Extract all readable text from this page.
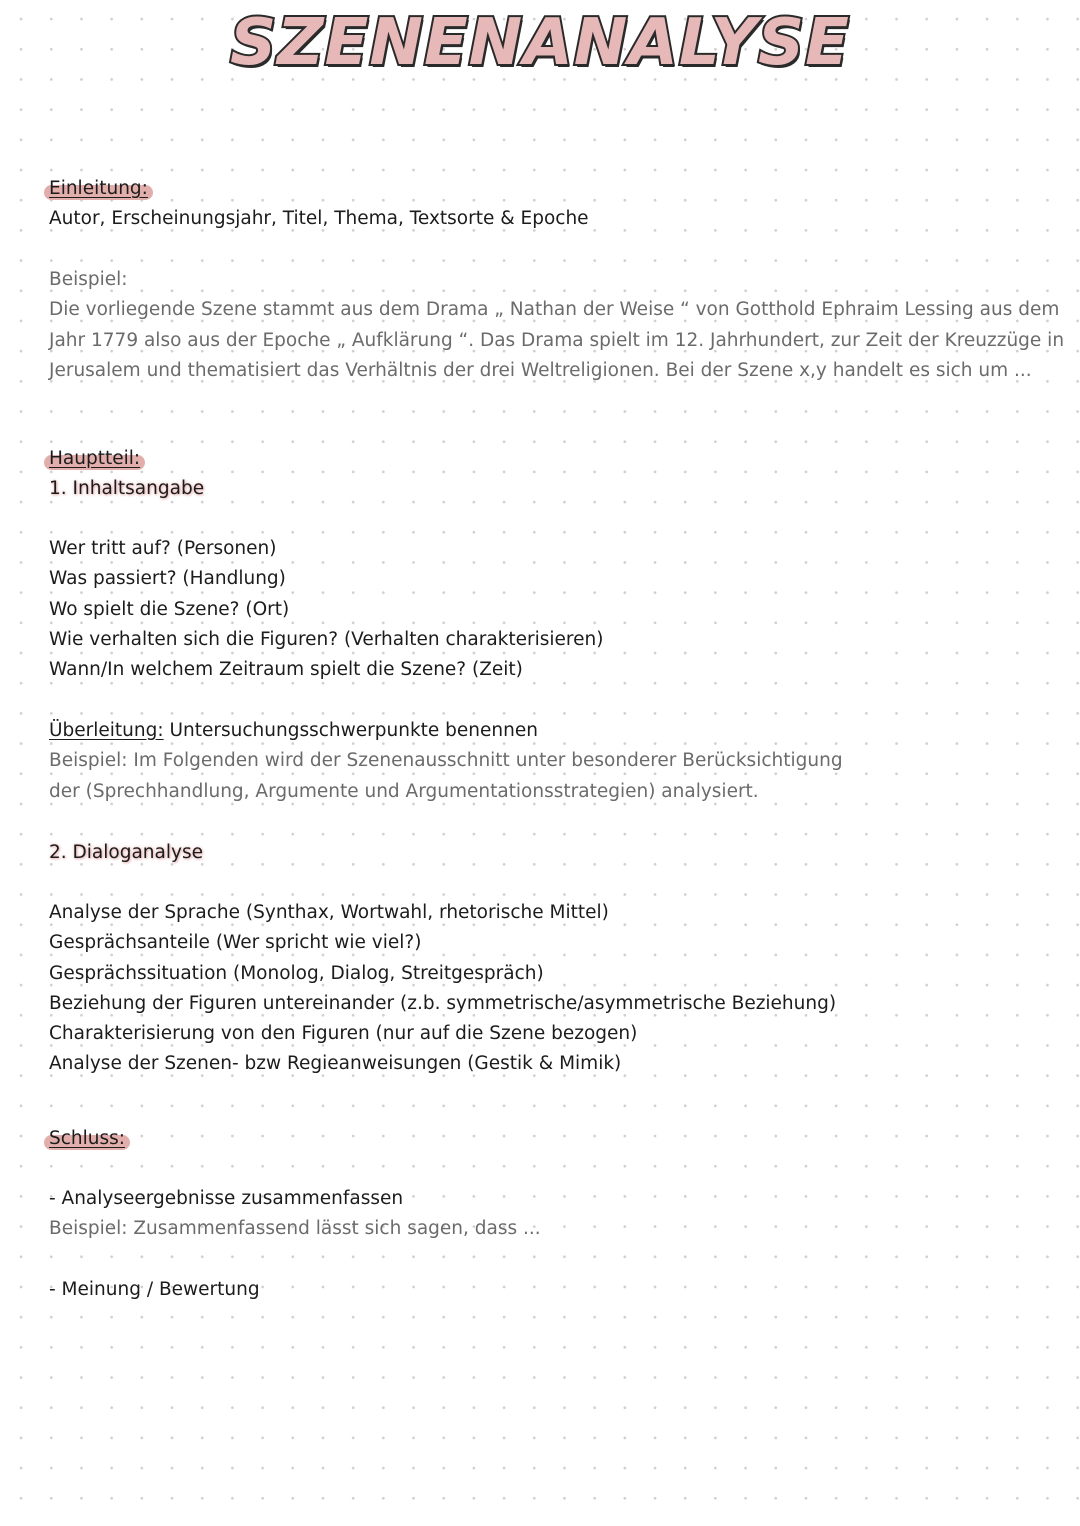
SZENENANALYSE
Einleitung:
Autor, Erscheinungsjahr, Titel, Thema, Textsorte & Epoche
Beispiel:
Die vorliegende Szene stammt aus dem Drama „ Nathan der Weise “ von Gotthold Ephraim Lessing aus dem
Jahr 1779 also aus der Epoche „ Aufklärung “. Das Drama spielt im 12. Jahrhundert, zur Zeit der Kreuzzüge in
Jerusalem und thematisiert das Verhältnis der drei Weltreligionen. Bei der Szene x,y handelt es sich um ...
Hauptteil:
1. Inhaltsangabe
Wer tritt auf? (Personen)
Was passiert? (Handlung)
Wo spielt die Szene? (Ort)
Wie verhalten sich die Figuren? (Verhalten charakterisieren)
Wann/In welchem Zeitraum spielt die Szene? (Zeit)
Überleitung: Untersuchungsschwerpunkte benennen
Beispiel: Im Folgenden wird der Szenenausschnitt unter besonderer Berücksichtigung
der (Sprechhandlung, Argumente und Argumentationsstrategien) analysiert.
2. Dialoganalyse
Analyse der Sprache (Synthax, Wortwahl, rhetorische Mittel)
Gesprächsanteile (Wer spricht wie viel?)
Gesprächssituation (Monolog, Dialog, Streitgespräch)
Beziehung der Figuren untereinander (z.b. symmetrische/asymmetrische Beziehung)
Charakterisierung von den Figuren (nur auf die Szene bezogen)
Analyse der Szenen- bzw Regieanweisungen (Gestik & Mimik)
Schluss:
- Analyseergebnisse zusammenfassen
Beispiel: Zusammenfassend lässt sich sagen, dass ...

- Meinung / Bewertung
